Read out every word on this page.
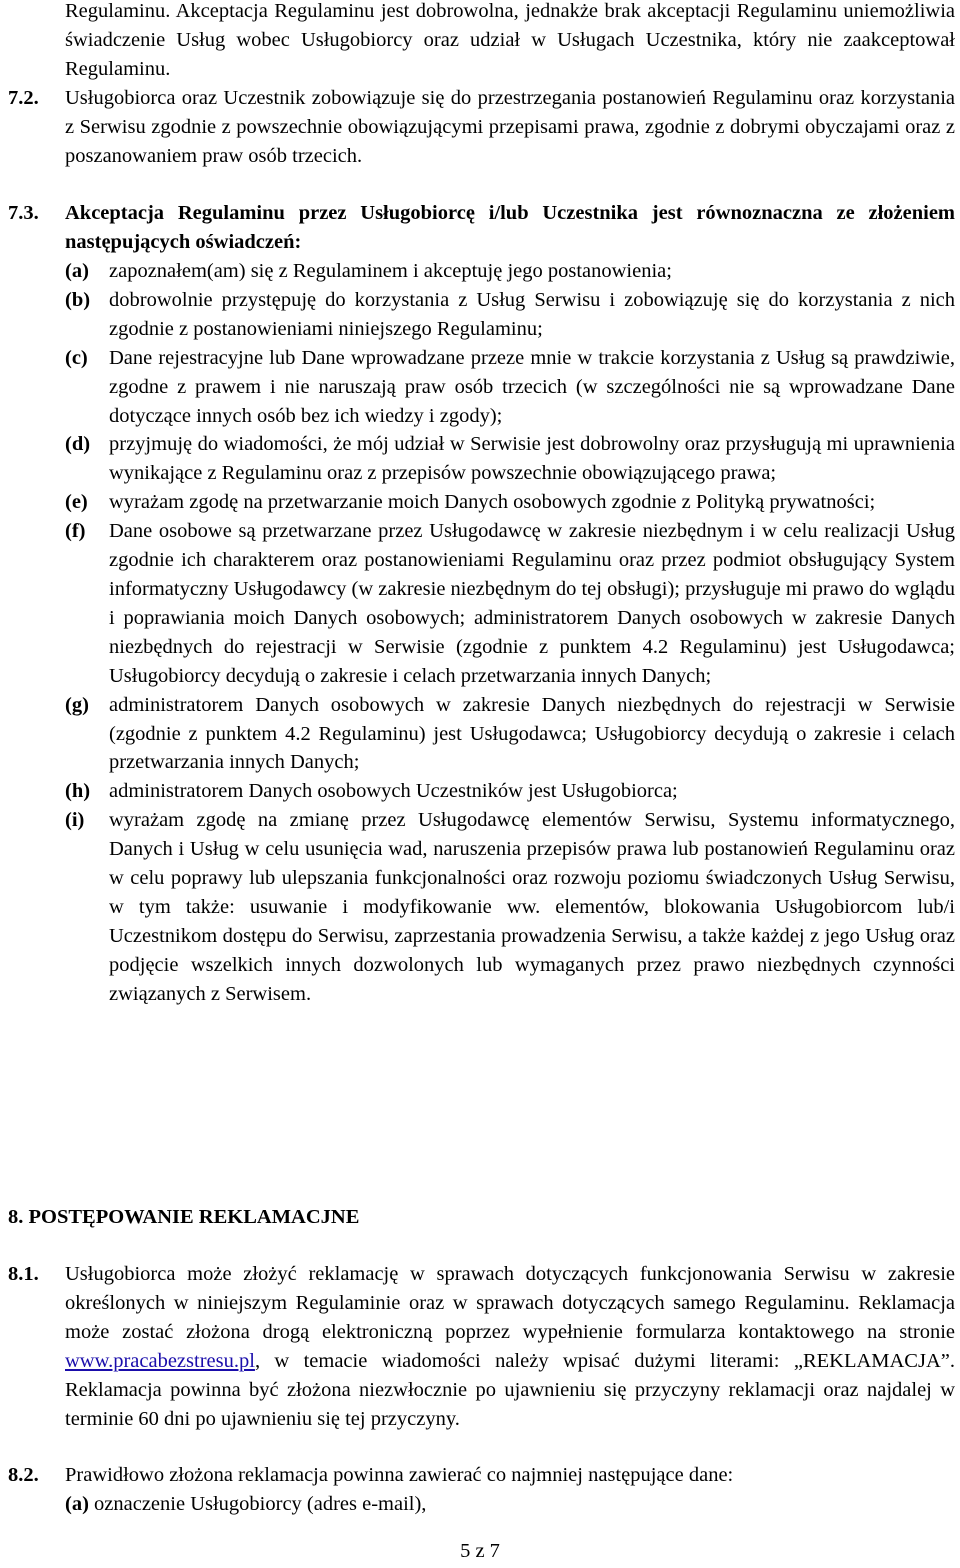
Regulaminu. Akceptacja Regulaminu jest dobrowolna, jednakże brak akceptacji Regulaminu uniemożliwia świadczenie Usług wobec Usługobiorcy oraz udział w Usługach Uczestnika, który nie zaakceptował Regulaminu.
7.2. Usługobiorca oraz Uczestnik zobowiązuje się do przestrzegania postanowień Regulaminu oraz korzystania z Serwisu zgodnie z powszechnie obowiązującymi przepisami prawa, zgodnie z dobrymi obyczajami oraz z poszanowaniem praw osób trzecich.
7.3. Akceptacja Regulaminu przez Usługobiorcę i/lub Uczestnika jest równoznaczna ze złożeniem następujących oświadczeń:
(a) zapoznałem(am) się z Regulaminem i akceptuję jego postanowienia;
(b) dobrowolnie przystępuję do korzystania z Usług Serwisu i zobowiązuję się do korzystania z nich zgodnie z postanowieniami niniejszego Regulaminu;
(c) Dane rejestracyjne lub Dane wprowadzane przeze mnie w trakcie korzystania z Usług są prawdziwie, zgodne z prawem i nie naruszają praw osób trzecich (w szczególności nie są wprowadzane Dane dotyczące innych osób bez ich wiedzy i zgody);
(d) przyjmuję do wiadomości, że mój udział w Serwisie jest dobrowolny oraz przysługują mi uprawnienia wynikające z Regulaminu oraz z przepisów powszechnie obowiązującego prawa;
(e) wyrażam zgodę na przetwarzanie moich Danych osobowych zgodnie z Polityką prywatności;
(f) Dane osobowe są przetwarzane przez Usługodawcę w zakresie niezbędnym i w celu realizacji Usług zgodnie ich charakterem oraz postanowieniami Regulaminu oraz przez podmiot obsługujący System informatyczny Usługodawcy (w zakresie niezbędnym do tej obsługi); przysługuje mi prawo do wglądu i poprawiania moich Danych osobowych; administratorem Danych osobowych w zakresie Danych niezbędnych do rejestracji w Serwisie (zgodnie z punktem 4.2 Regulaminu) jest Usługodawca; Usługobiorcy decydują o zakresie i celach przetwarzania innych Danych;
(g) administratorem Danych osobowych w zakresie Danych niezbędnych do rejestracji w Serwisie (zgodnie z punktem 4.2 Regulaminu) jest Usługodawca; Usługobiorcy decydują o zakresie i celach przetwarzania innych Danych;
(h) administratorem Danych osobowych Uczestników jest Usługobiorca;
(i) wyrażam zgodę na zmianę przez Usługodawcę elementów Serwisu, Systemu informatycznego, Danych i Usług w celu usunięcia wad, naruszenia przepisów prawa lub postanowień Regulaminu oraz w celu poprawy lub ulepszania funkcjonalności oraz rozwoju poziomu świadczonych Usług Serwisu, w tym także: usuwanie i modyfikowanie ww. elementów, blokowania Usługobiorcom lub/i Uczestnikom dostępu do Serwisu, zaprzestania prowadzenia Serwisu, a także każdej z jego Usług oraz podjęcie wszelkich innych dozwolonych lub wymaganych przez prawo niezbędnych czynności związanych z Serwisem.
8. POSTĘPOWANIE REKLAMACJNE
8.1. Usługobiorca może złożyć reklamację w sprawach dotyczących funkcjonowania Serwisu w zakresie określonych w niniejszym Regulaminie oraz w sprawach dotyczących samego Regulaminu. Reklamacja może zostać złożona drogą elektroniczną poprzez wypełnienie formularza kontaktowego na stronie www.pracabezstresu.pl, w temacie wiadomości należy wpisać dużymi literami: „REKLAMACJA”. Reklamacja powinna być złożona niezwłocznie po ujawnieniu się przyczyny reklamacji oraz najdalej w terminie 60 dni po ujawnieniu się tej przyczyny.
8.2. Prawidłowo złożona reklamacja powinna zawierać co najmniej następujące dane:
(a) oznaczenie Usługobiorcy (adres e-mail),
5 z 7
